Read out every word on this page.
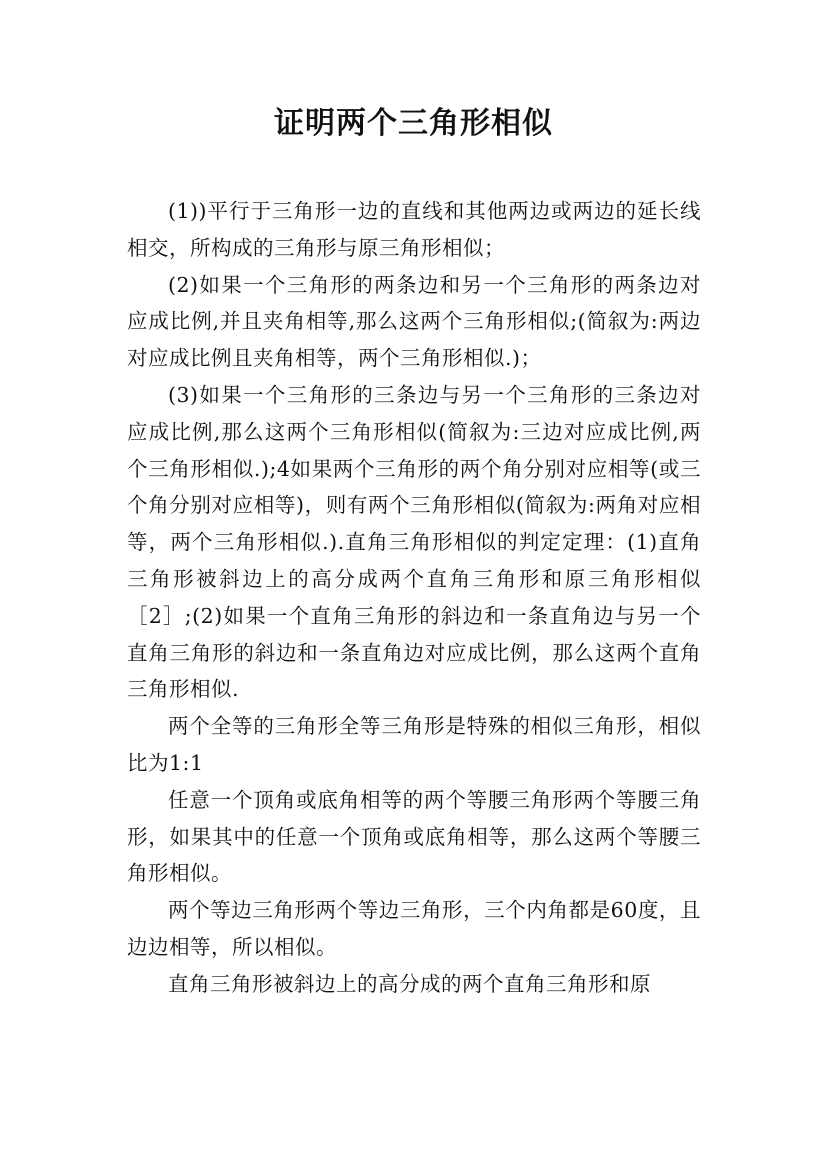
证明两个三角形相似

(1))平行于三角形一边的直线和其他两边或两边的延长线相交，所构成的三角形与原三角形相似；

(2)如果一个三角形的两条边和另一个三角形的两条边对应成比例,并且夹角相等,那么这两个三角形相似;(简叙为:两边对应成比例且夹角相等，两个三角形相似.)；

(3)如果一个三角形的三条边与另一个三角形的三条边对应成比例,那么这两个三角形相似(简叙为:三边对应成比例,两个三角形相似.);4如果两个三角形的两个角分别对应相等(或三个角分别对应相等)，则有两个三角形相似(简叙为:两角对应相等，两个三角形相似.).直角三角形相似的判定定理：(1)直角三角形被斜边上的高分成两个直角三角形和原三角形相似［2］;(2)如果一个直角三角形的斜边和一条直角边与另一个直角三角形的斜边和一条直角边对应成比例，那么这两个直角三角形相似.

两个全等的三角形全等三角形是特殊的相似三角形，相似比为1:1

任意一个顶角或底角相等的两个等腰三角形两个等腰三角形，如果其中的任意一个顶角或底角相等，那么这两个等腰三角形相似。

两个等边三角形两个等边三角形，三个内角都是60度，且边边相等，所以相似。

直角三角形被斜边上的高分成的两个直角三角形和原
